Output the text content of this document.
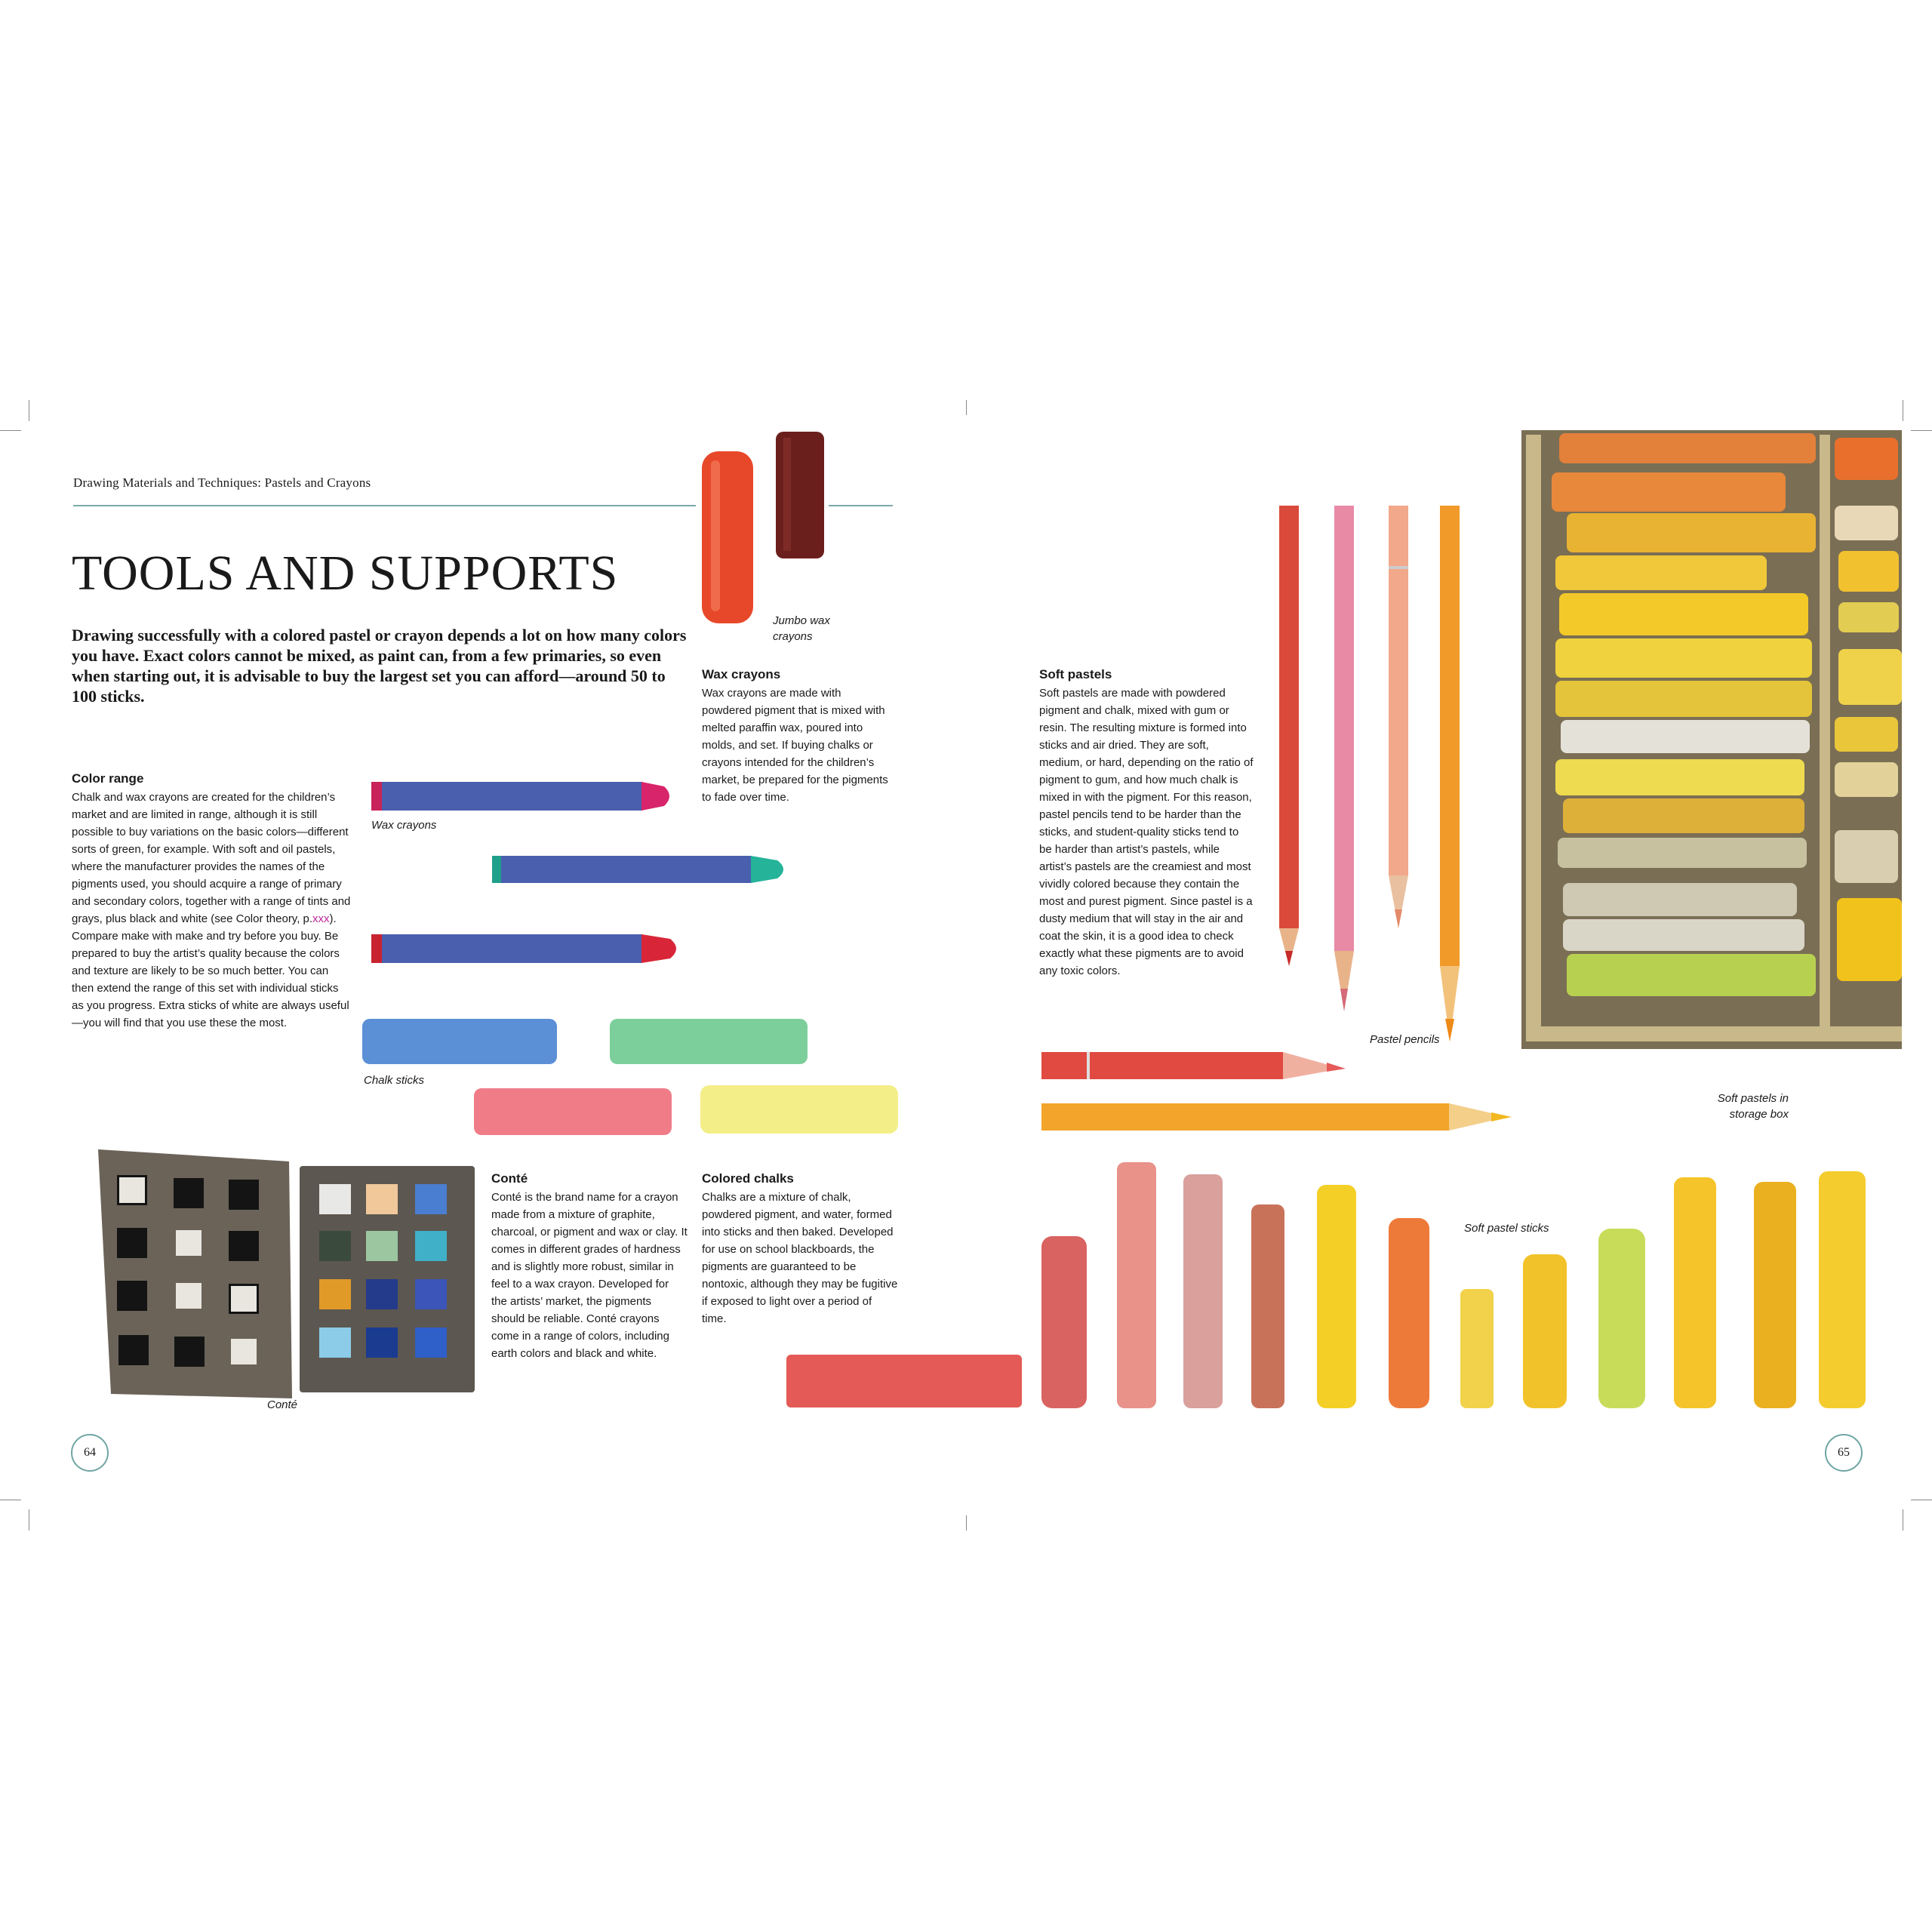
Drawing Materials and Techniques: Pastels and Crayons
TOOLS AND SUPPORTS
Drawing successfully with a colored pastel or crayon depends a lot on how many colors you have. Exact colors cannot be mixed, as paint can, from a few primaries, so even when starting out, it is advisable to buy the largest set you can afford—around 50 to 100 sticks.
Jumbo wax crayons
Wax crayons
Wax crayons are made with powdered pigment that is mixed with melted paraffin wax, poured into molds, and set. If buying chalks or crayons intended for the children’s market, be prepared for the pigments to fade over time.
Color range
Chalk and wax crayons are created for the children’s market and are limited in range, although it is still possible to buy variations on the basic colors—different sorts of green, for example. With soft and oil pastels, where the manufacturer provides the names of the pigments used, you should acquire a range of primary and secondary colors, together with a range of tints and grays, plus black and white (see Color theory, p.xxx). Compare make with make and try before you buy. Be prepared to buy the artist’s quality because the colors and texture are likely to be so much better. You can then extend the range of this set with individual sticks as you progress. Extra sticks of white are always useful—you will find that you use these the most.
Wax crayons
Chalk sticks
Conté
Conté
Conté is the brand name for a crayon made from a mixture of graphite, charcoal, or pigment and wax or clay. It comes in different grades of hardness and is slightly more robust, similar in feel to a wax crayon. Developed for the artists’ market, the pigments should be reliable. Conté crayons come in a range of colors, including earth colors and black and white.
Colored chalks
Chalks are a mixture of chalk, powdered pigment, and water, formed into sticks and then baked. Developed for use on school blackboards, the pigments are guaranteed to be nontoxic, although they may be fugitive if exposed to light over a period of time.
Soft pastels
Soft pastels are made with powdered pigment and chalk, mixed with gum or resin. The resulting mixture is formed into sticks and air dried. They are soft, medium, or hard, depending on the ratio of pigment to gum, and how much chalk is mixed in with the pigment. For this reason, pastel pencils tend to be harder than the sticks, and student-quality sticks tend to be harder than artist’s pastels, while artist’s pastels are the creamiest and most vividly colored because they contain the most and purest pigment. Since pastel is a dusty medium that will stay in the air and coat the skin, it is a good idea to check exactly what these pigments are to avoid any toxic colors.
Pastel pencils
Soft pastels in storage box
Soft pastel sticks
64	65
